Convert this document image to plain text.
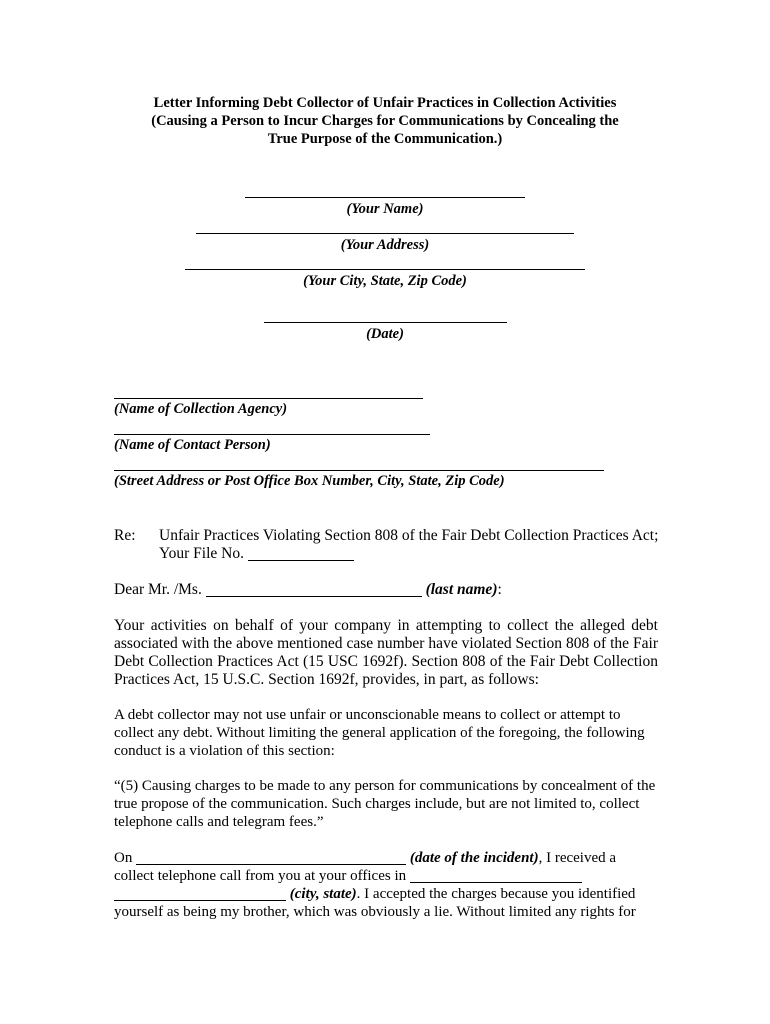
Letter Informing Debt Collector of Unfair Practices in Collection Activities
(Causing a Person to Incur Charges for Communications by Concealing the
True Purpose of the Communication.)
(Your Name)
(Your Address)
(Your City, State, Zip Code)
(Date)
(Name of Collection Agency)
(Name of Contact Person)
(Street Address or Post Office Box Number, City, State, Zip Code)
Re: Unfair Practices Violating Section 808 of the Fair Debt Collection Practices Act;
Your File No.
Dear Mr. /Ms.	(last name):
Your activities on behalf of your company in attempting to collect the alleged debt associated with the above mentioned case number have violated Section 808 of the Fair Debt Collection Practices Act (15 USC 1692f). Section 808 of the Fair Debt Collection Practices Act, 15 U.S.C. Section 1692f, provides, in part, as follows:
A debt collector may not use unfair or unconscionable means to collect or attempt to collect any debt. Without limiting the general application of the foregoing, the following conduct is a violation of this section:
“(5) Causing charges to be made to any person for communications by concealment of the true propose of the communication. Such charges include, but are not limited to, collect telephone calls and telegram fees.”
On	(date of the incident), I received a
collect telephone call from you at your offices in
(city, state). I accepted the charges because you identified
yourself as being my brother, which was obviously a lie. Without limited any rights for
